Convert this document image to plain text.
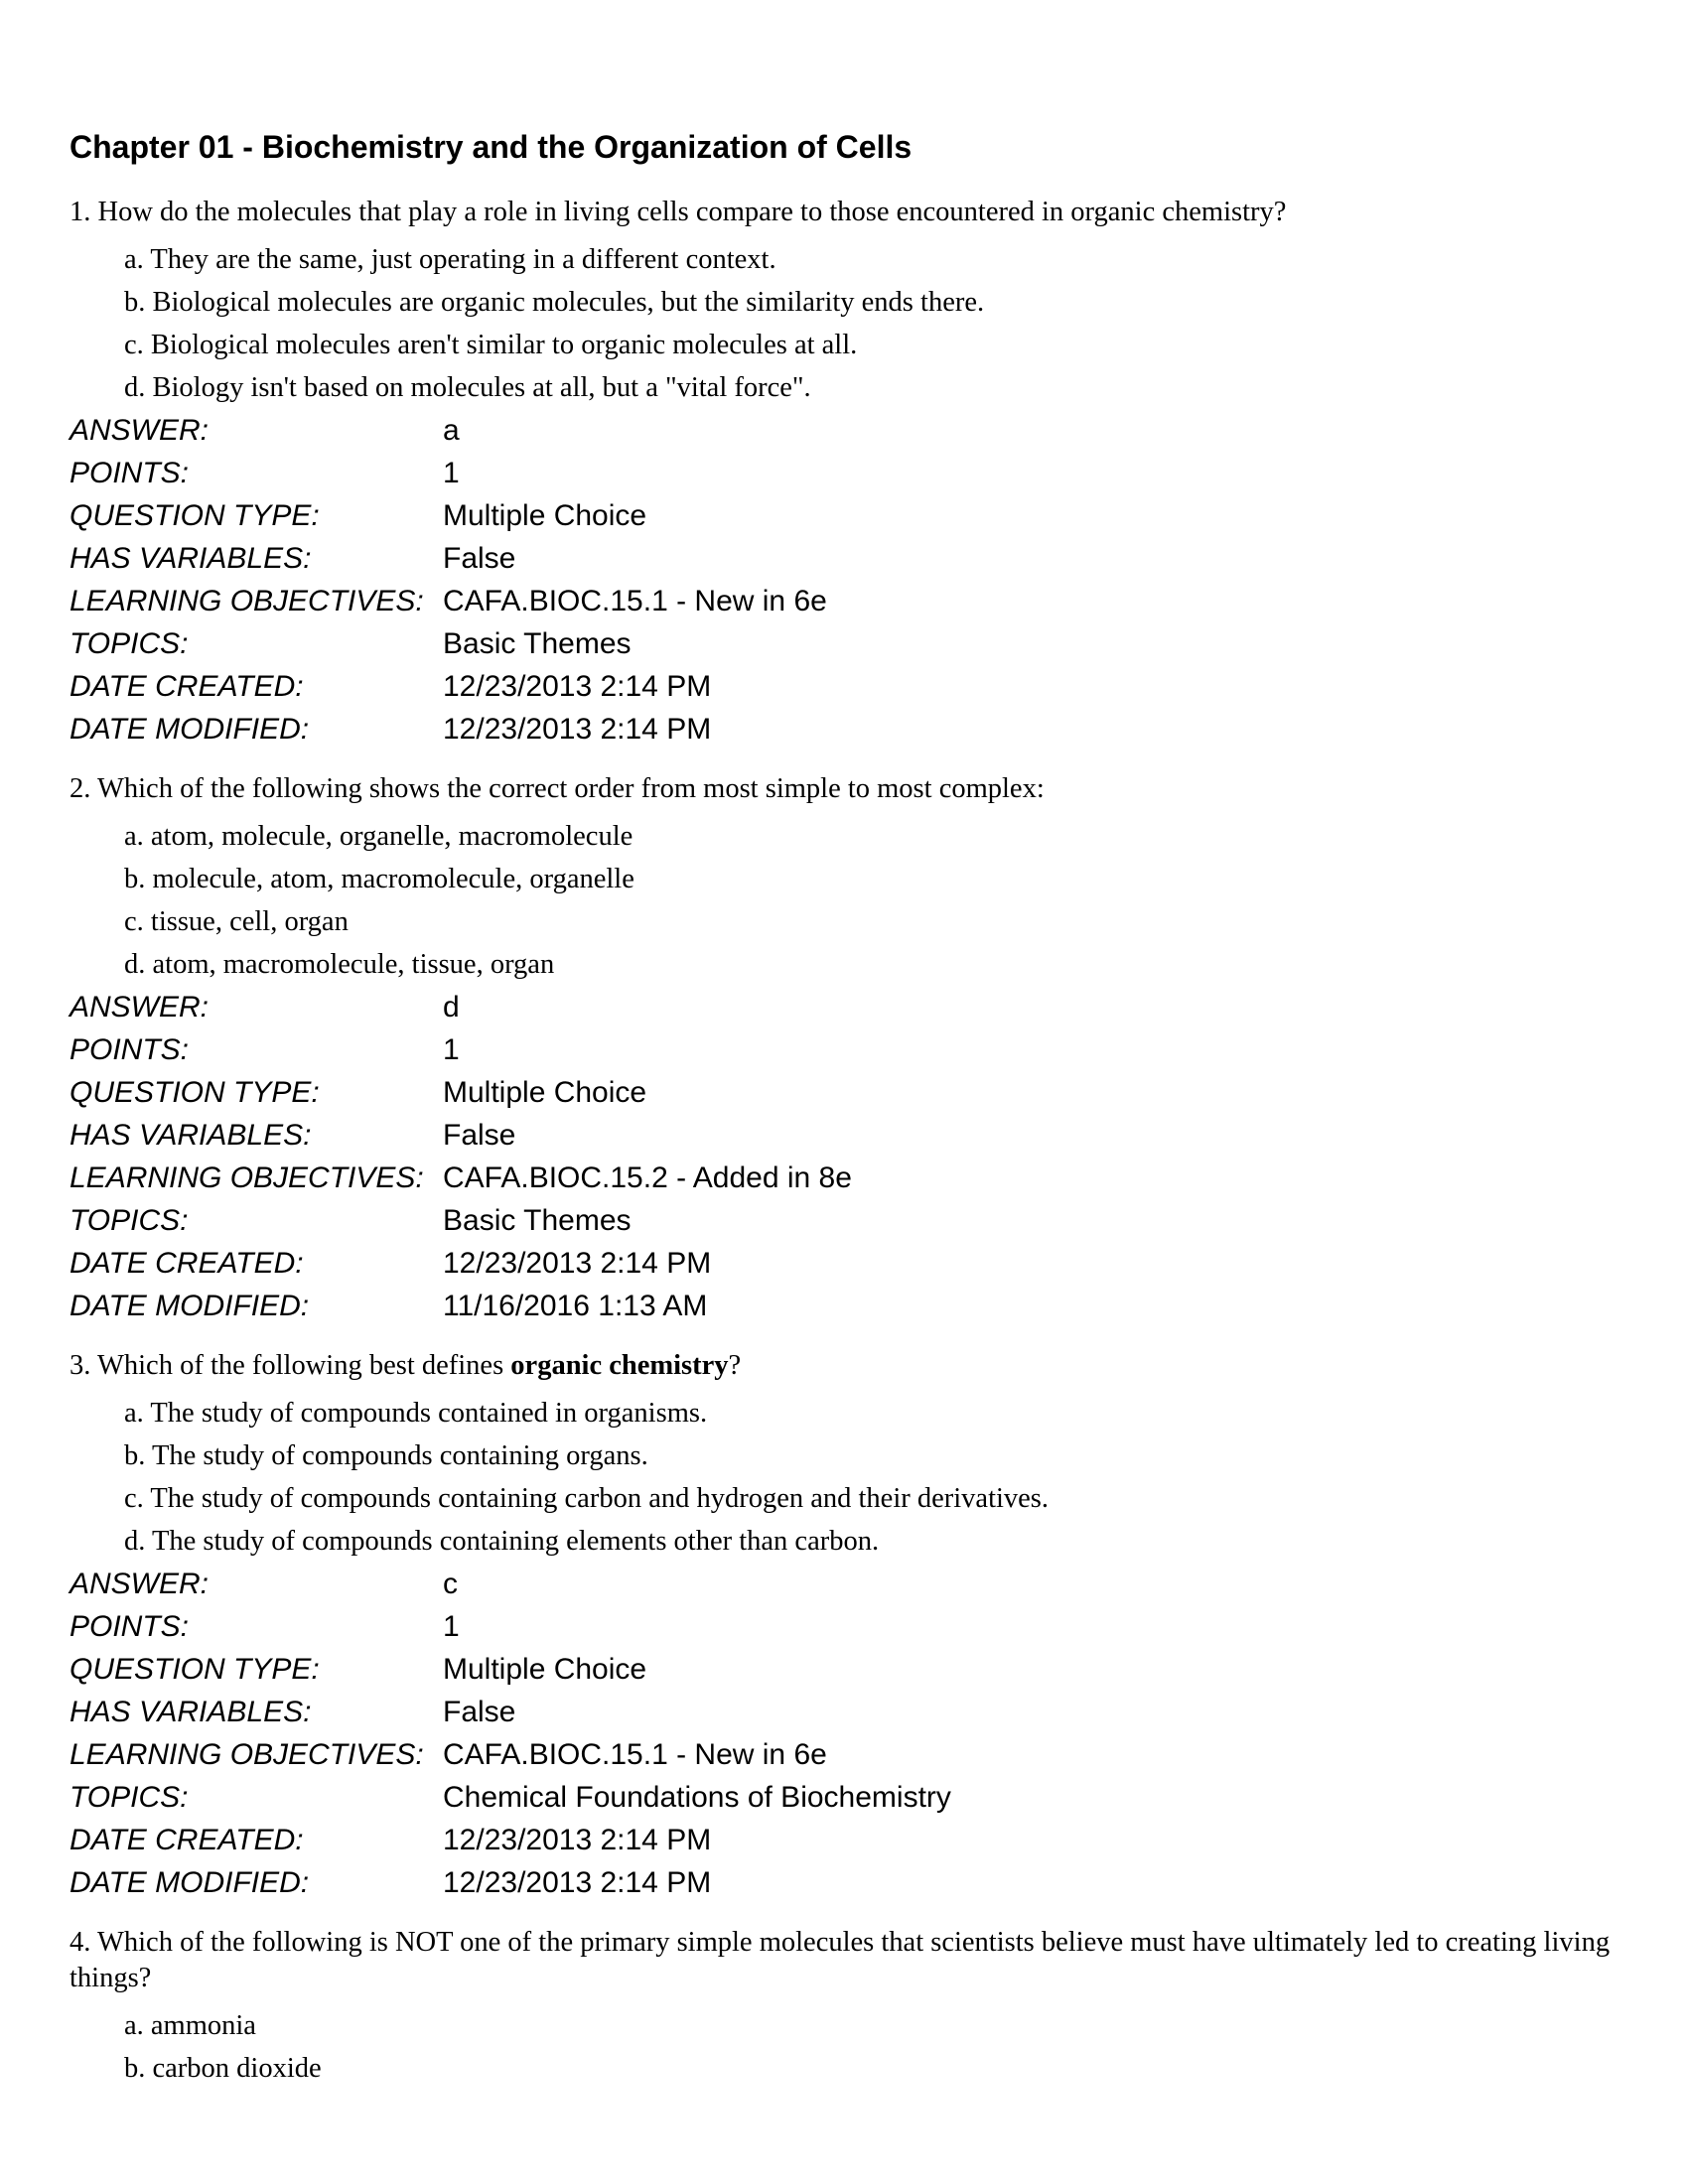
Chapter 01 - Biochemistry and the Organization of Cells
1. How do the molecules that play a role in living cells compare to those encountered in organic chemistry?
a. They are the same, just operating in a different context.
b. Biological molecules are organic molecules, but the similarity ends there.
c. Biological molecules aren't similar to organic molecules at all.
d. Biology isn't based on molecules at all, but a "vital force".
ANSWER:	a
POINTS:	1
QUESTION TYPE:	Multiple Choice
HAS VARIABLES:	False
LEARNING OBJECTIVES: CAFA.BIOC.15.1 - New in 6e
TOPICS:	Basic Themes
DATE CREATED:	12/23/2013 2:14 PM
DATE MODIFIED:	12/23/2013 2:14 PM
2. Which of the following shows the correct order from most simple to most complex:
a. atom, molecule, organelle, macromolecule
b. molecule, atom, macromolecule, organelle
c. tissue, cell, organ
d. atom, macromolecule, tissue, organ
ANSWER:	d
POINTS:	1
QUESTION TYPE:	Multiple Choice
HAS VARIABLES:	False
LEARNING OBJECTIVES: CAFA.BIOC.15.2 - Added in 8e
TOPICS:	Basic Themes
DATE CREATED:	12/23/2013 2:14 PM
DATE MODIFIED:	11/16/2016 1:13 AM
3. Which of the following best defines organic chemistry?
a. The study of compounds contained in organisms.
b. The study of compounds containing organs.
c. The study of compounds containing carbon and hydrogen and their derivatives.
d. The study of compounds containing elements other than carbon.
ANSWER:	c
POINTS:	1
QUESTION TYPE:	Multiple Choice
HAS VARIABLES:	False
LEARNING OBJECTIVES: CAFA.BIOC.15.1 - New in 6e
TOPICS:	Chemical Foundations of Biochemistry
DATE CREATED:	12/23/2013 2:14 PM
DATE MODIFIED:	12/23/2013 2:14 PM
4. Which of the following is NOT one of the primary simple molecules that scientists believe must have ultimately led to creating living things?
a. ammonia
b. carbon dioxide
